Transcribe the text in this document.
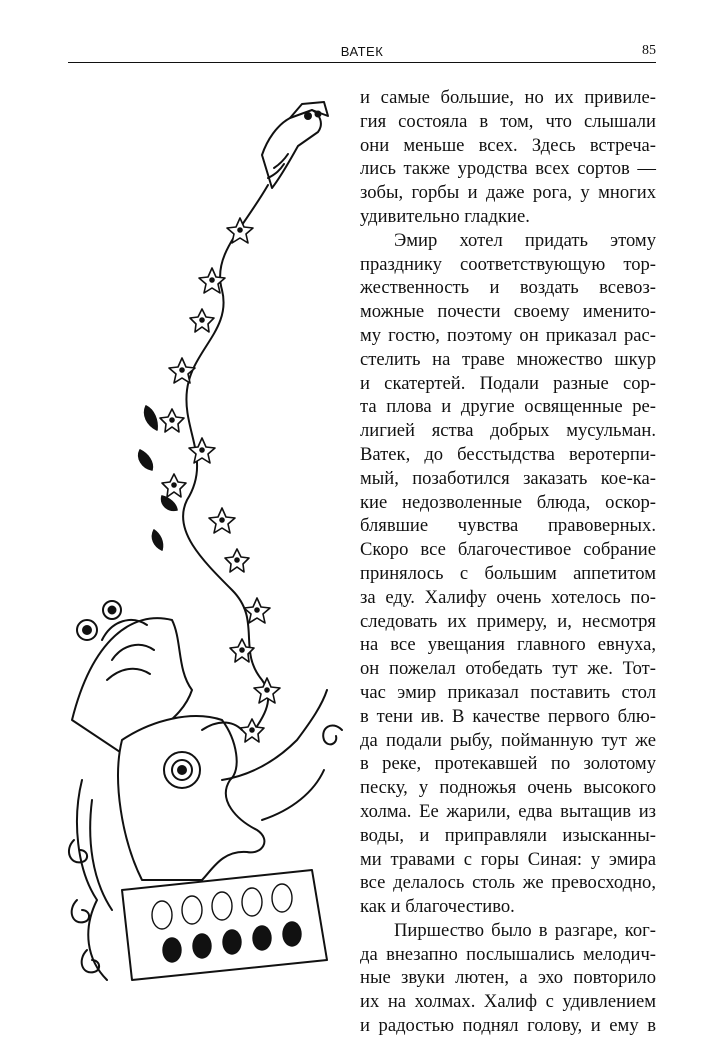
ВАТЕК	85
и самые большие, но их привиле-
гия состояла в том, что слышали
они меньше всех. Здесь встреча-
лись также уродства всех сортов —
зобы, горбы и даже рога, у многих
удивительно гладкие.
Эмир хотел придать этому
празднику соответствующую тор-
жественность и воздать всевоз-
можные почести своему именито-
му гостю, поэтому он приказал рас-
стелить на траве множество шкур
и скатертей. Подали разные сор-
та плова и другие освященные ре-
лигией яства добрых мусульман.
Ватек, до бесстыдства веротерпи-
мый, позаботился заказать кое-ка-
кие недозволенные блюда, оскор-
блявшие чувства правоверных.
Скоро все благочестивое собрание
принялось с большим аппетитом
за еду. Халифу очень хотелось по-
следовать их примеру, и, несмотря
на все увещания главного евнуха,
он пожелал отобедать тут же. Тот-
час эмир приказал поставить стол
в тени ив. В качестве первого блю-
да подали рыбу, пойманную тут же
в реке, протекавшей по золотому
песку, у подножья очень высокого
холма. Ее жарили, едва вытащив из
воды, и приправляли изысканны-
ми травами с горы Синая: у эмира
все делалось столь же превосходно,
как и благочестиво.
Пиршество было в разгаре, ког-
да внезапно послышались мелодич-
ные звуки лютен, а эхо повторило
их на холмах. Халиф с удивлением
и радостью поднял голову, и ему в
